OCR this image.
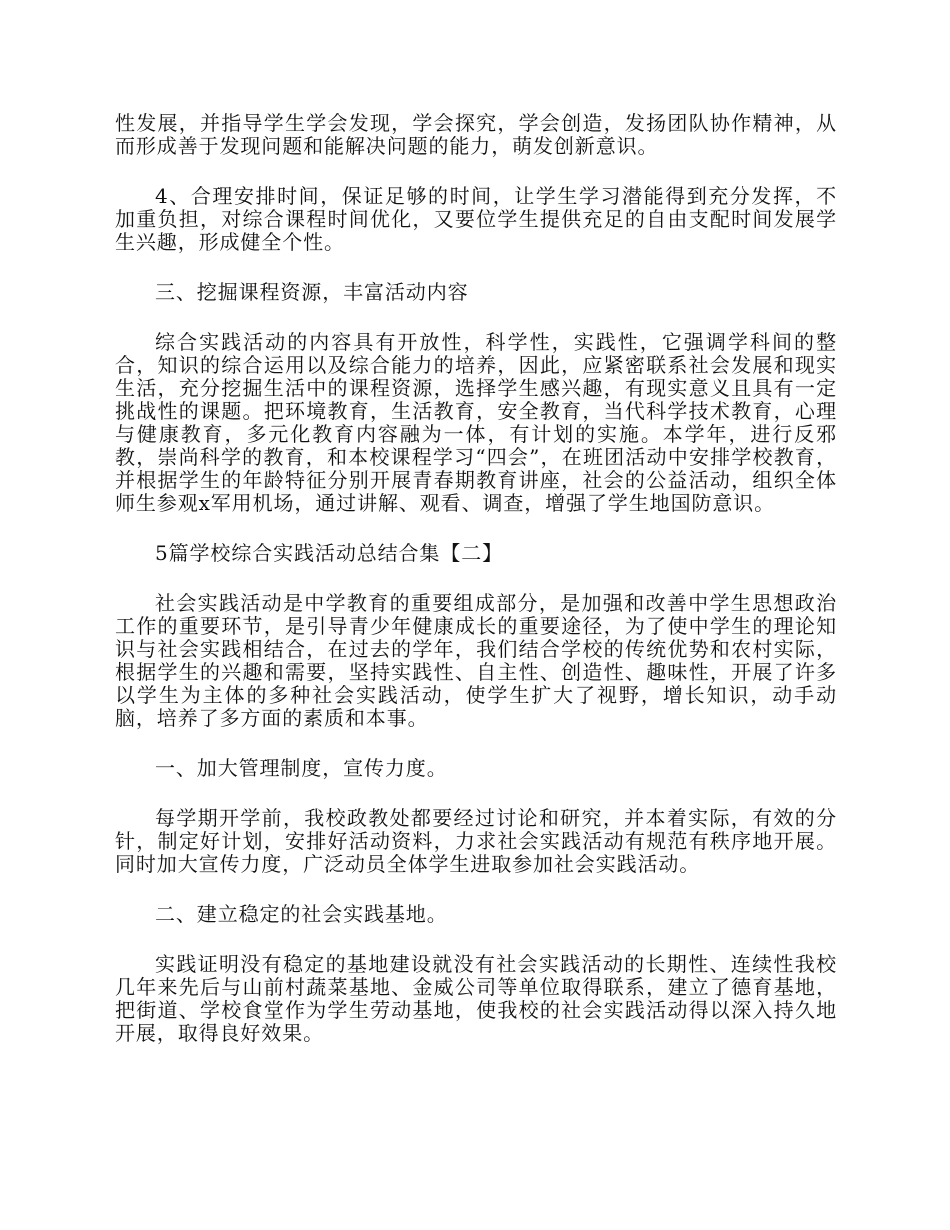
性发展，并指导学生学会发现，学会探究，学会创造，发扬团队协作精神，从而形成善于发现问题和能解决问题的能力，萌发创新意识。

4、合理安排时间，保证足够的时间，让学生学习潜能得到充分发挥，不加重负担，对综合课程时间优化，又要位学生提供充足的自由支配时间发展学生兴趣，形成健全个性。

三、挖掘课程资源，丰富活动内容

综合实践活动的内容具有开放性，科学性，实践性，它强调学科间的整合，知识的综合运用以及综合能力的培养，因此，应紧密联系社会发展和现实生活，充分挖掘生活中的课程资源，选择学生感兴趣，有现实意义且具有一定挑战性的课题。把环境教育，生活教育，安全教育，当代科学技术教育，心理与健康教育，多元化教育内容融为一体，有计划的实施。本学年，进行反邪教，崇尚科学的教育，和本校课程学习“四会”，在班团活动中安排学校教育，并根据学生的年龄特征分别开展青春期教育讲座，社会的公益活动，组织全体师生参观x军用机场，通过讲解、观看、调查，增强了学生地国防意识。

5篇学校综合实践活动总结合集【二】

社会实践活动是中学教育的重要组成部分，是加强和改善中学生思想政治工作的重要环节，是引导青少年健康成长的重要途径，为了使中学生的理论知识与社会实践相结合，在过去的学年，我们结合学校的传统优势和农村实际，根据学生的兴趣和需要，坚持实践性、自主性、创造性、趣味性，开展了许多以学生为主体的多种社会实践活动，使学生扩大了视野，增长知识，动手动脑，培养了多方面的素质和本事。

一、加大管理制度，宣传力度。

每学期开学前，我校政教处都要经过讨论和研究，并本着实际，有效的分针，制定好计划，安排好活动资料，力求社会实践活动有规范有秩序地开展。同时加大宣传力度，广泛动员全体学生进取参加社会实践活动。

二、建立稳定的社会实践基地。

实践证明没有稳定的基地建设就没有社会实践活动的长期性、连续性我校几年来先后与山前村蔬菜基地、金威公司等单位取得联系，建立了德育基地，把街道、学校食堂作为学生劳动基地，使我校的社会实践活动得以深入持久地开展，取得良好效果。
